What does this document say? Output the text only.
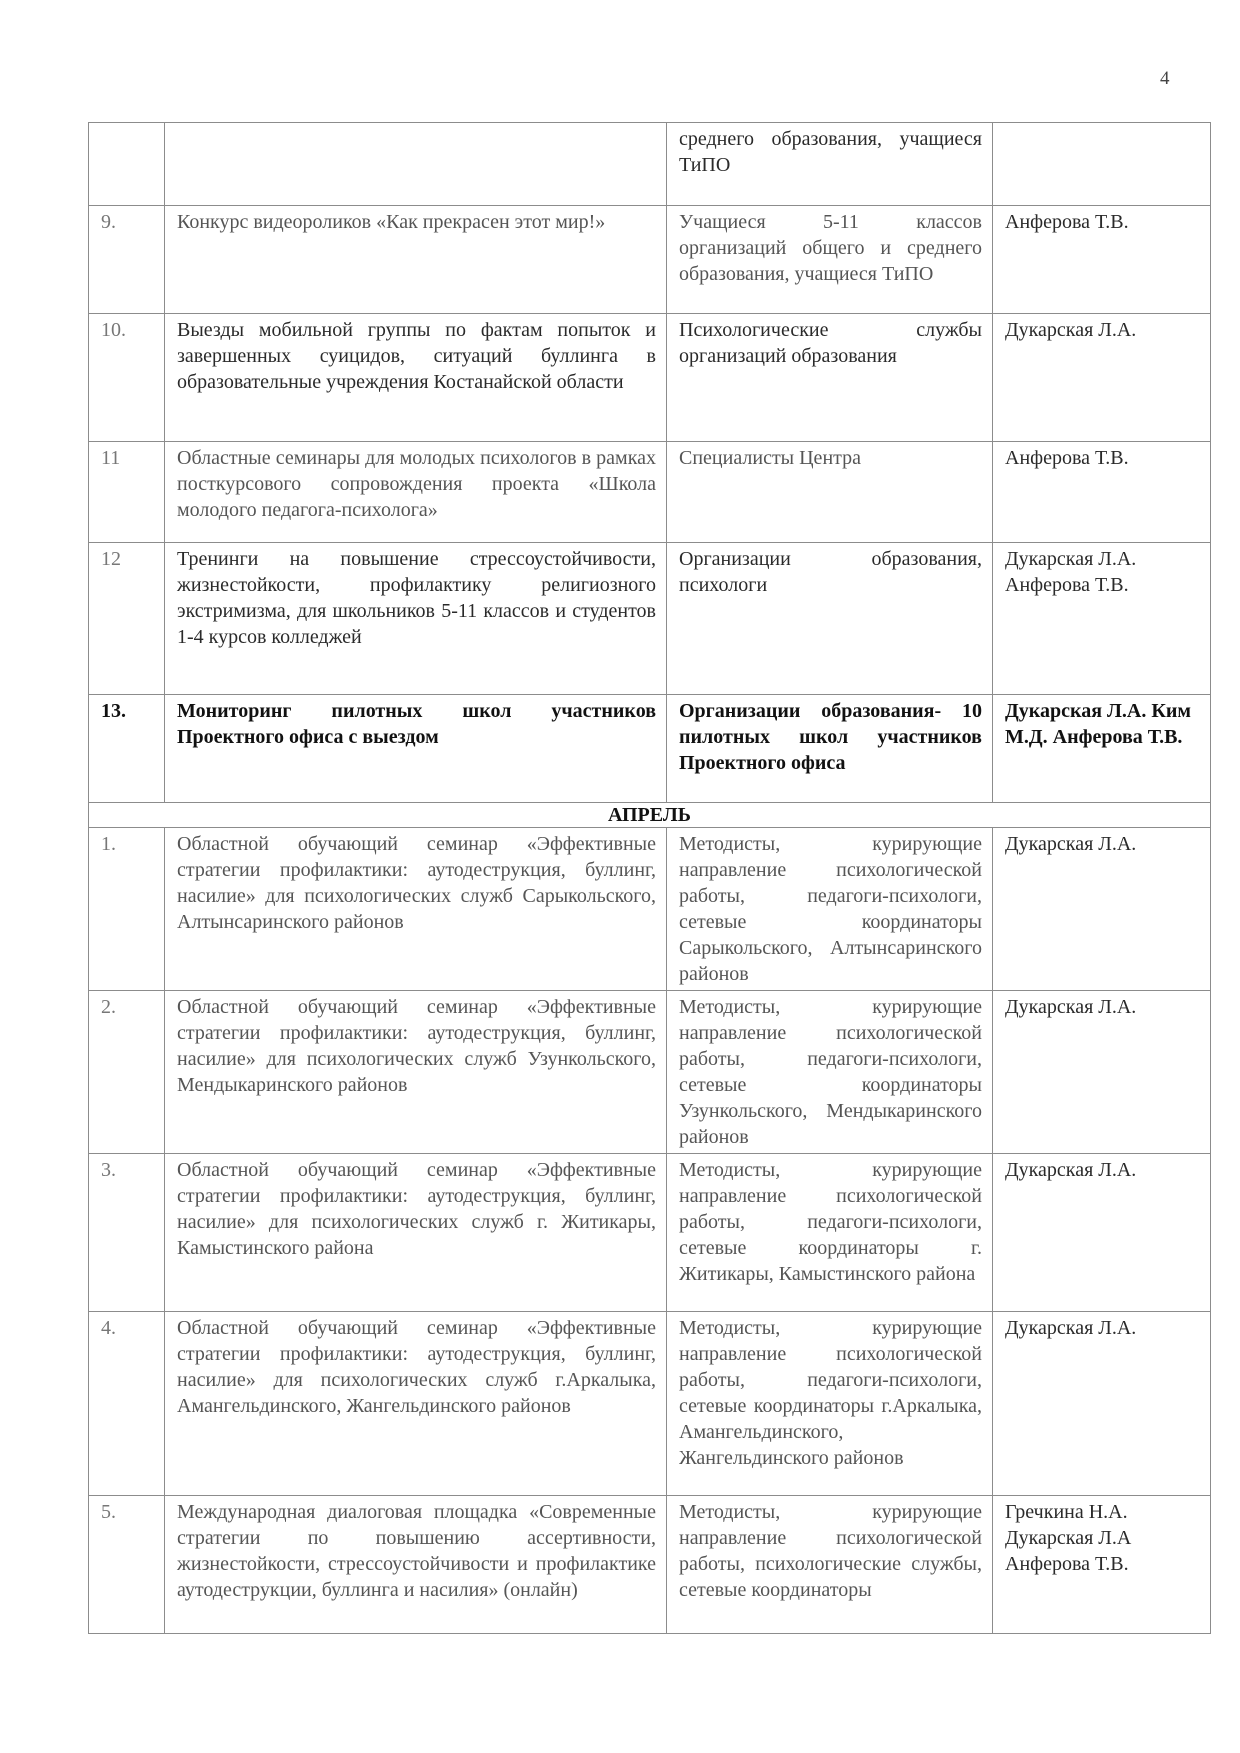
4
		среднего образования, учащиеся ТиПО	
9.	Конкурс видеороликов «Как прекрасен этот мир!»	Учащиеся 5-11 классов организаций общего и среднего образования, учащиеся ТиПО	Анферова Т.В.
10.	Выезды мобильной группы по фактам попыток и завершенных суицидов, ситуаций буллинга в образовательные учреждения Костанайской области	Психологические службы организаций образования	Дукарская Л.А.
11	Областные семинары для молодых психологов в рамках посткурсового сопровождения проекта «Школа молодого педагога-психолога»	Специалисты Центра	Анферова Т.В.
12	Тренинги на повышение стрессоустойчивости, жизнестойкости, профилактику религиозного экстримизма, для школьников 5-11 классов и студентов 1-4 курсов колледжей	Организации образования, психологи	Дукарская Л.А. Анферова Т.В.
13.	Мониторинг пилотных школ участников Проектного офиса с выездом	Организации образования- 10 пилотных школ участников Проектного офиса	Дукарская Л.А. Ким М.Д. Анферова Т.В.
АПРЕЛЬ			
1.	Областной обучающий семинар «Эффективные стратегии профилактики: аутодеструкция, буллинг, насилие» для психологических служб Сарыкольского, Алтынсаринского районов	Методисты, курирующие направление психологической работы, педагоги-психологи, сетевые координаторы Сарыкольского, Алтынсаринского районов	Дукарская Л.А.
2.	Областной обучающий семинар «Эффективные стратегии профилактики: аутодеструкция, буллинг, насилие» для психологических служб Узункольского, Мендыкаринского районов	Методисты, курирующие направление психологической работы, педагоги-психологи, сетевые координаторы Узункольского, Мендыкаринского районов	Дукарская Л.А.
3.	Областной обучающий семинар «Эффективные стратегии профилактики: аутодеструкция, буллинг, насилие» для психологических служб г. Житикары, Камыстинского района	Методисты, курирующие направление психологической работы, педагоги-психологи, сетевые координаторы г. Житикары, Камыстинского района	Дукарская Л.А.
4.	Областной обучающий семинар «Эффективные стратегии профилактики: аутодеструкция, буллинг, насилие» для психологических служб г.Аркалыка, Амангельдинского, Жангельдинского районов	Методисты, курирующие направление психологической работы, педагоги-психологи, сетевые координаторы г.Аркалыка, Амангельдинского, Жангельдинского районов	Дукарская Л.А.
5.	Международная диалоговая площадка «Современные стратегии по повышению ассертивности, жизнестойкости, стрессоустойчивости и профилактике аутодеструкции, буллинга и насилия» (онлайн)	Методисты, курирующие направление психологической работы, психологические службы, сетевые координаторы	Гречкина Н.А. Дукарская Л.А Анферова Т.В.
